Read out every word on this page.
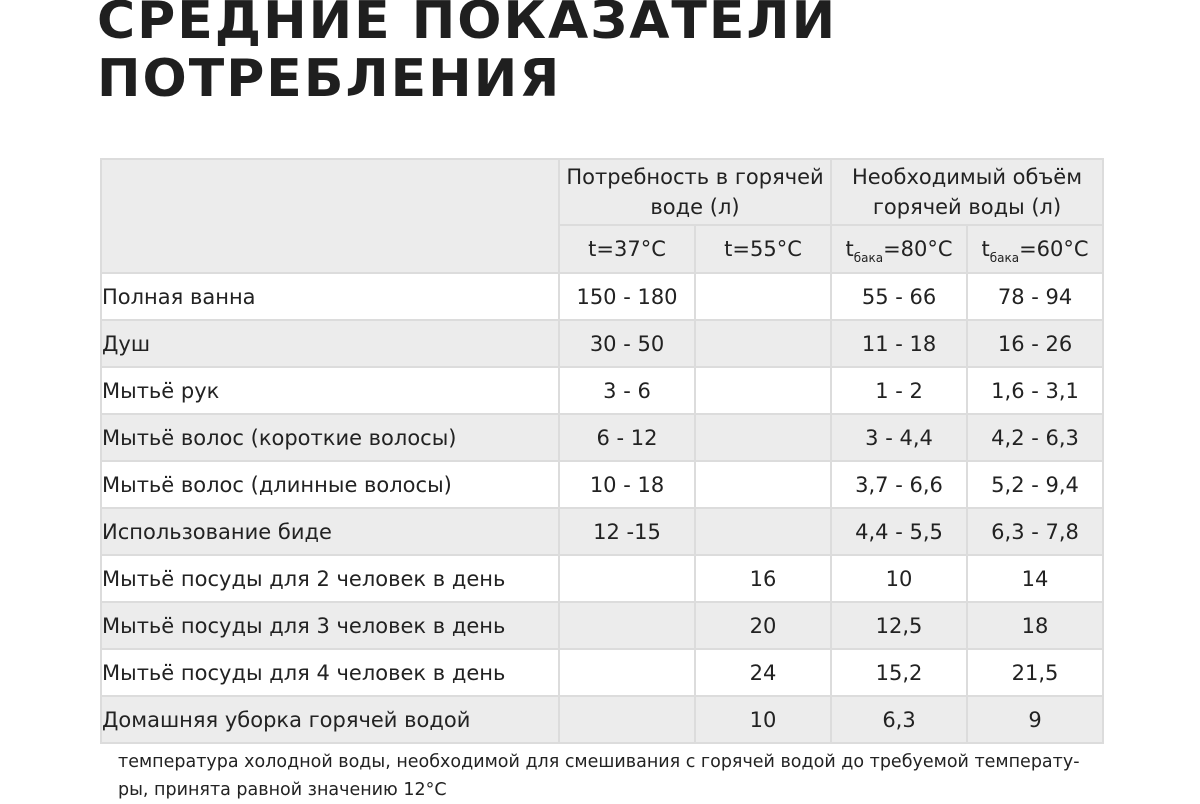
СРЕДНИЕ ПОКАЗАТЕЛИ
ПОТРЕБЛЕНИЯ
	Потребность в горячей
воде (л)		Необходимый объём
горячей воды (л)	
	t=37°C	t=55°C	$t_{бака}=80^\circ C$	$t_{бака}=60^\circ C$
Полная ванна	150 - 180		55 - 66	78 - 94
Душ	30 - 50		11 - 18	16 - 26
Мытьё рук	3 - 6		1 - 2	1,6 - 3,1
Мытьё волос (короткие волосы)	6 - 12		3 - 4,4	4,2 - 6,3
Мытьё волос (длинные волосы)	10 - 18		3,7 - 6,6	5,2 - 9,4
Использование биде	12 -15		4,4 - 5,5	6,3 - 7,8
Мытьё посуды для 2 человек в день		16	10	14
Мытьё посуды для 3 человек в день		20	12,5	18
Мытьё посуды для 4 человек в день		24	15,2	21,5
Домашняя уборка горячей водой		10	6,3	9

температура холодной воды, необходимой для смешивания с горячей водой до требуемой температу-
ры, принята равной значению 12°C
